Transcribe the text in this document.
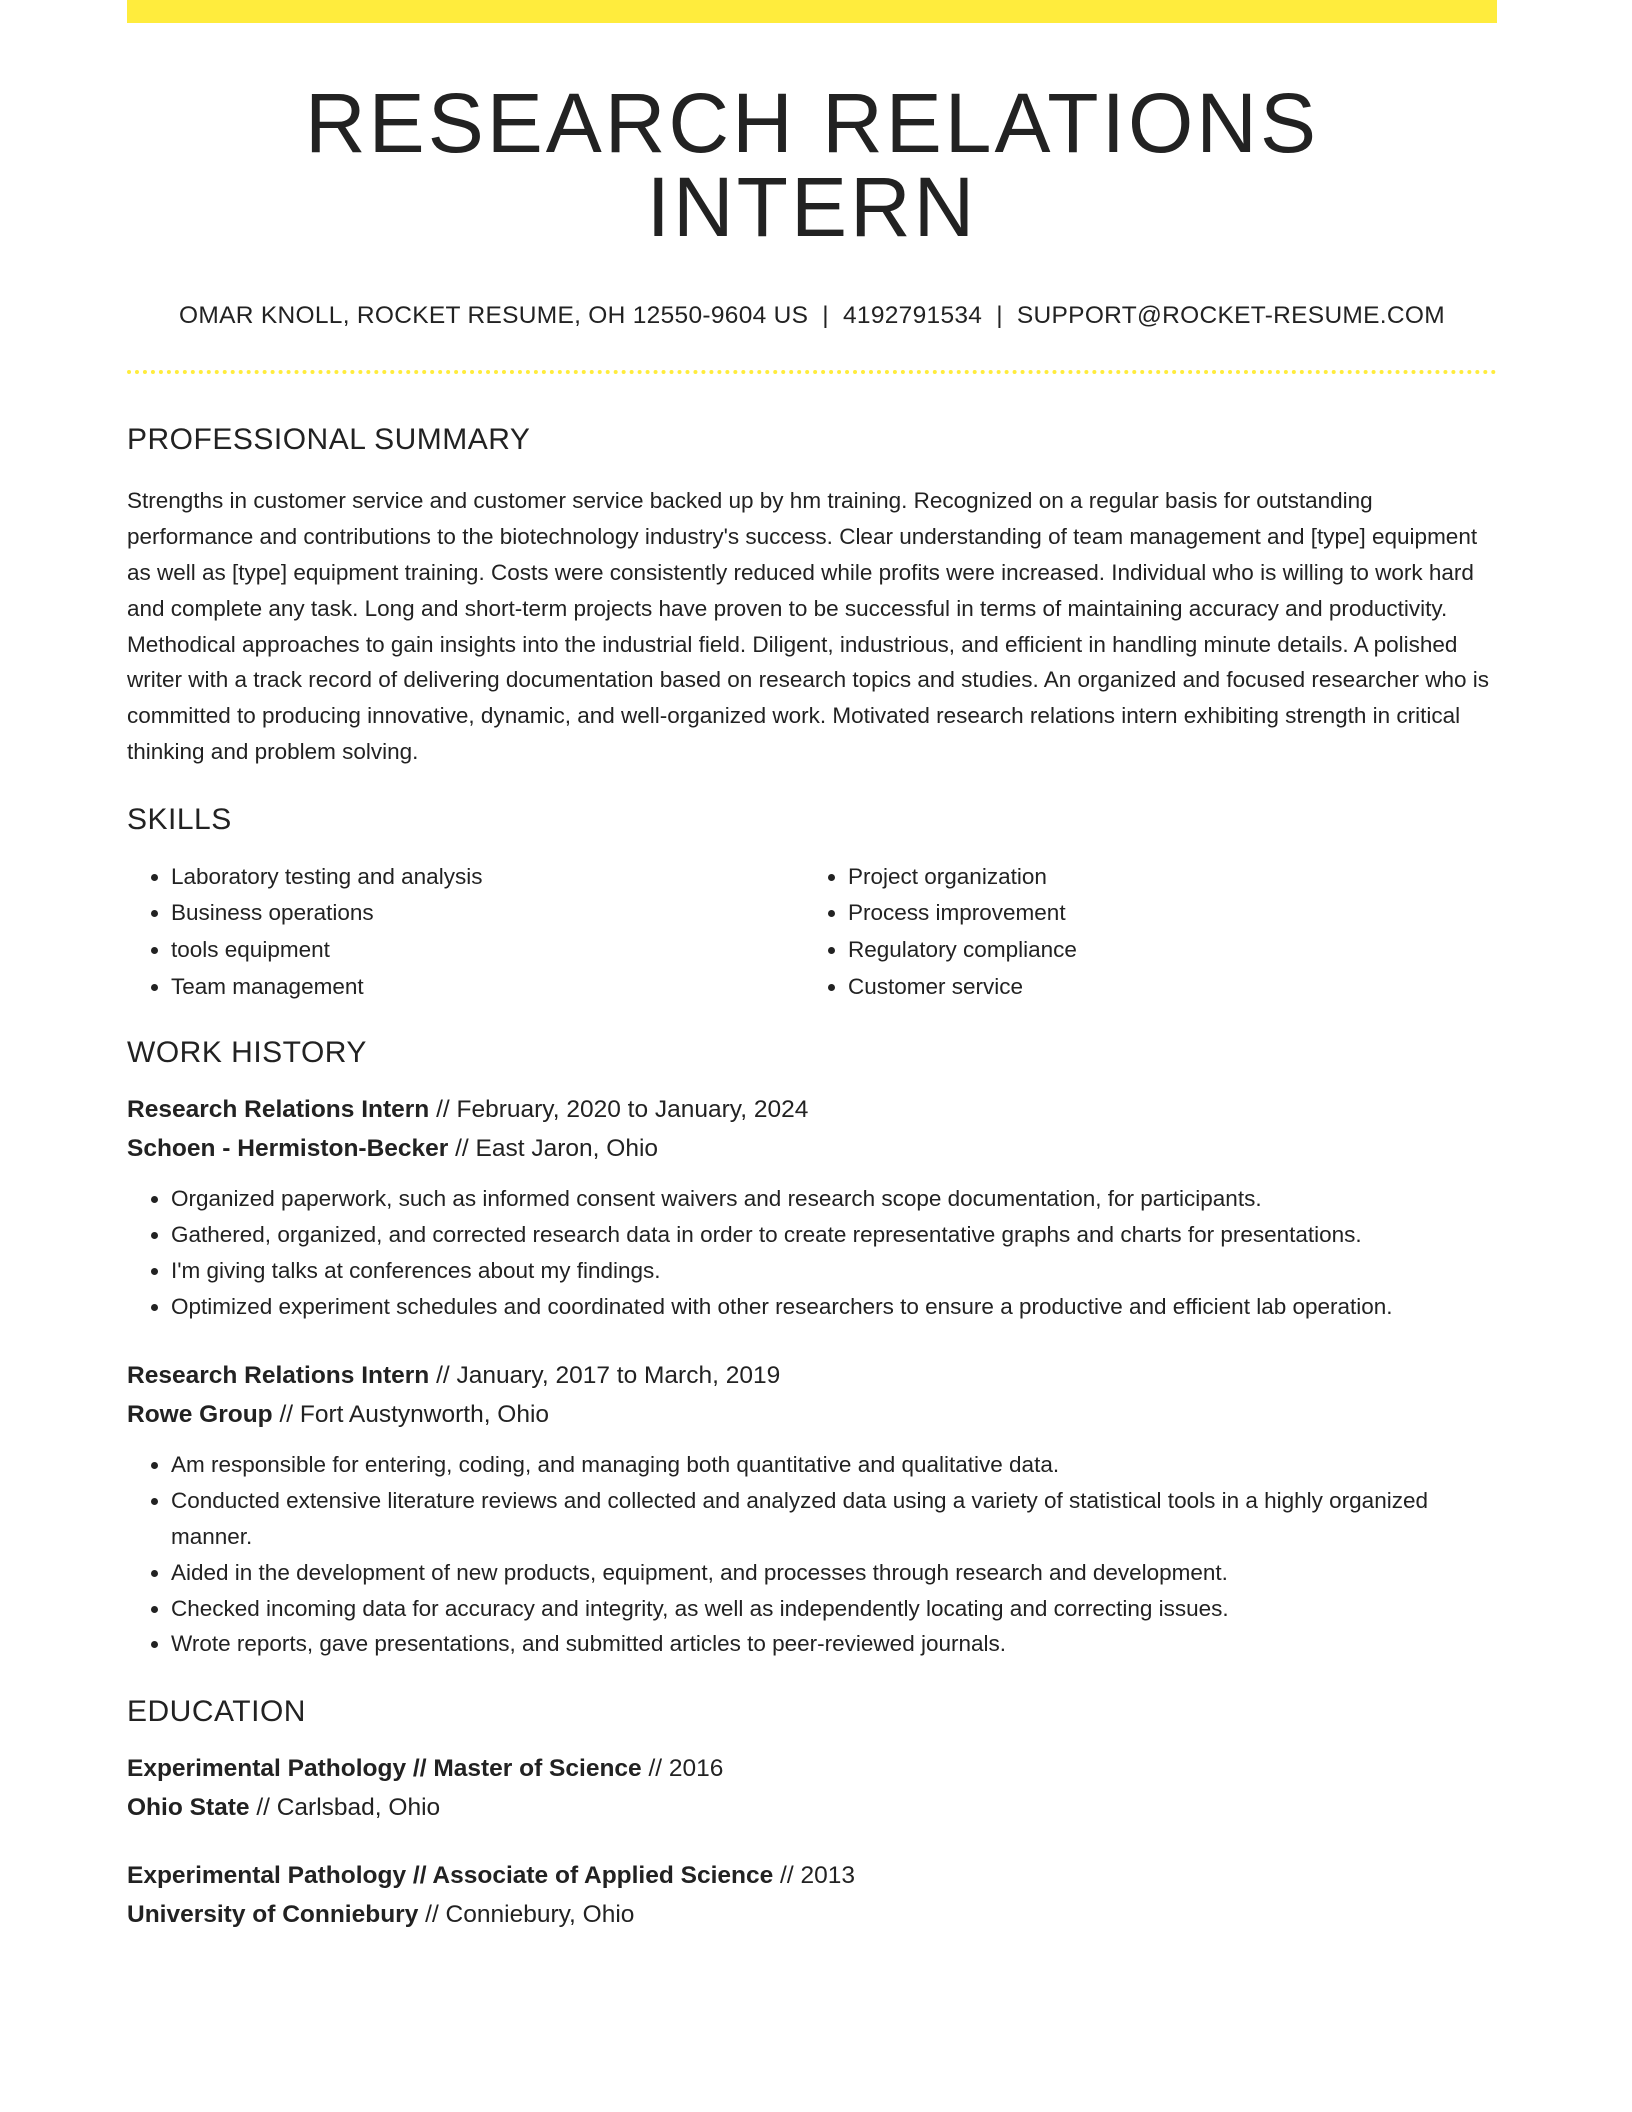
RESEARCH RELATIONS INTERN
OMAR KNOLL, ROCKET RESUME, OH 12550-9604 US | 4192791534 | SUPPORT@ROCKET-RESUME.COM
PROFESSIONAL SUMMARY

Strengths in customer service and customer service backed up by hm training. Recognized on a regular basis for outstanding performance and contributions to the biotechnology industry's success. Clear understanding of team management and [type] equipment as well as [type] equipment training. Costs were consistently reduced while profits were increased. Individual who is willing to work hard and complete any task. Long and short-term projects have proven to be successful in terms of maintaining accuracy and productivity. Methodical approaches to gain insights into the industrial field. Diligent, industrious, and efficient in handling minute details. A polished writer with a track record of delivering documentation based on research topics and studies. An organized and focused researcher who is committed to producing innovative, dynamic, and well-organized work. Motivated research relations intern exhibiting strength in critical thinking and problem solving.

SKILLS
• Laboratory testing and analysis
• Business operations
• tools equipment
• Team management
• Project organization
• Process improvement
• Regulatory compliance
• Customer service
WORK HISTORY
Research Relations Intern // February, 2020 to January, 2024
Schoen - Hermiston-Becker // East Jaron, Ohio
• Organized paperwork, such as informed consent waivers and research scope documentation, for participants.
• Gathered, organized, and corrected research data in order to create representative graphs and charts for presentations.
• I'm giving talks at conferences about my findings.
• Optimized experiment schedules and coordinated with other researchers to ensure a productive and efficient lab operation.
Research Relations Intern // January, 2017 to March, 2019
Rowe Group // Fort Austynworth, Ohio
• Am responsible for entering, coding, and managing both quantitative and qualitative data.
• Conducted extensive literature reviews and collected and analyzed data using a variety of statistical tools in a highly organized manner.
• Aided in the development of new products, equipment, and processes through research and development.
• Checked incoming data for accuracy and integrity, as well as independently locating and correcting issues.
• Wrote reports, gave presentations, and submitted articles to peer-reviewed journals.
EDUCATION
Experimental Pathology // Master of Science // 2016
Ohio State // Carlsbad, Ohio
Experimental Pathology // Associate of Applied Science // 2013
University of Conniebury // Conniebury, Ohio
